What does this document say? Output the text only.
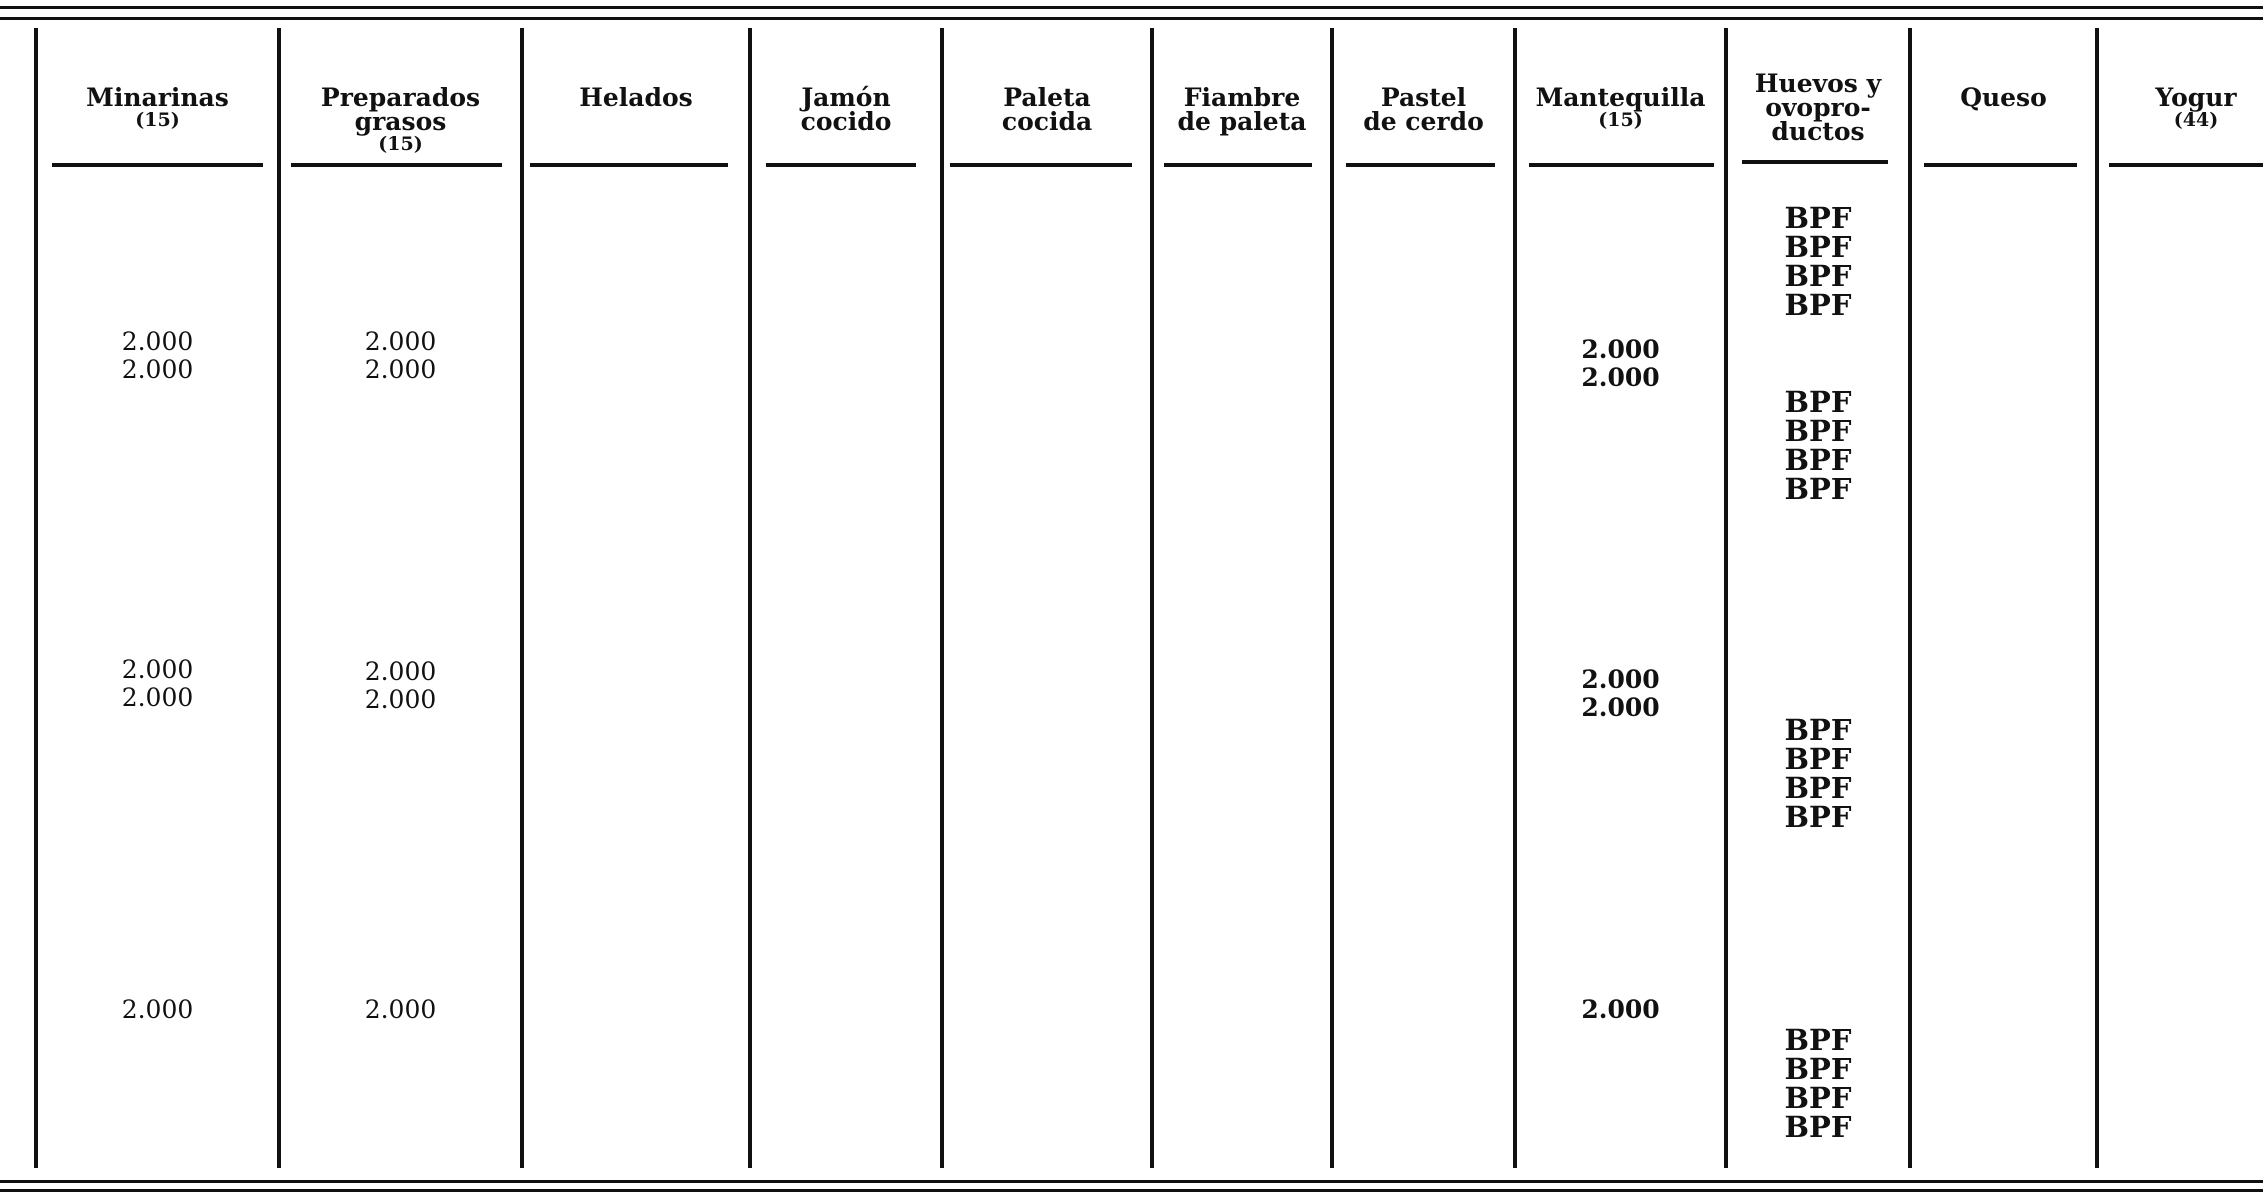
Minarinas

(15)

2.000
2.000
2.000
2.000
2.000

Preparados
grasos

(15)

2.000
2.000
2.000
2.000
2.000

Helados	Jamón
cocido

Paleta
cocida

Fiambre
de paleta

Pastel
de cerdo

Mantequilla

(15)

2.000
2.000
2.000
2.000
2.000

Huevos y
ovopro-
ductos

BPF
BPF
BPF
BPF
BPF
BPF
BPF
BPF
BPF
BPF
BPF
BPF
BPF
BPF
BPF
BPF

Queso	Yogur

(44)
